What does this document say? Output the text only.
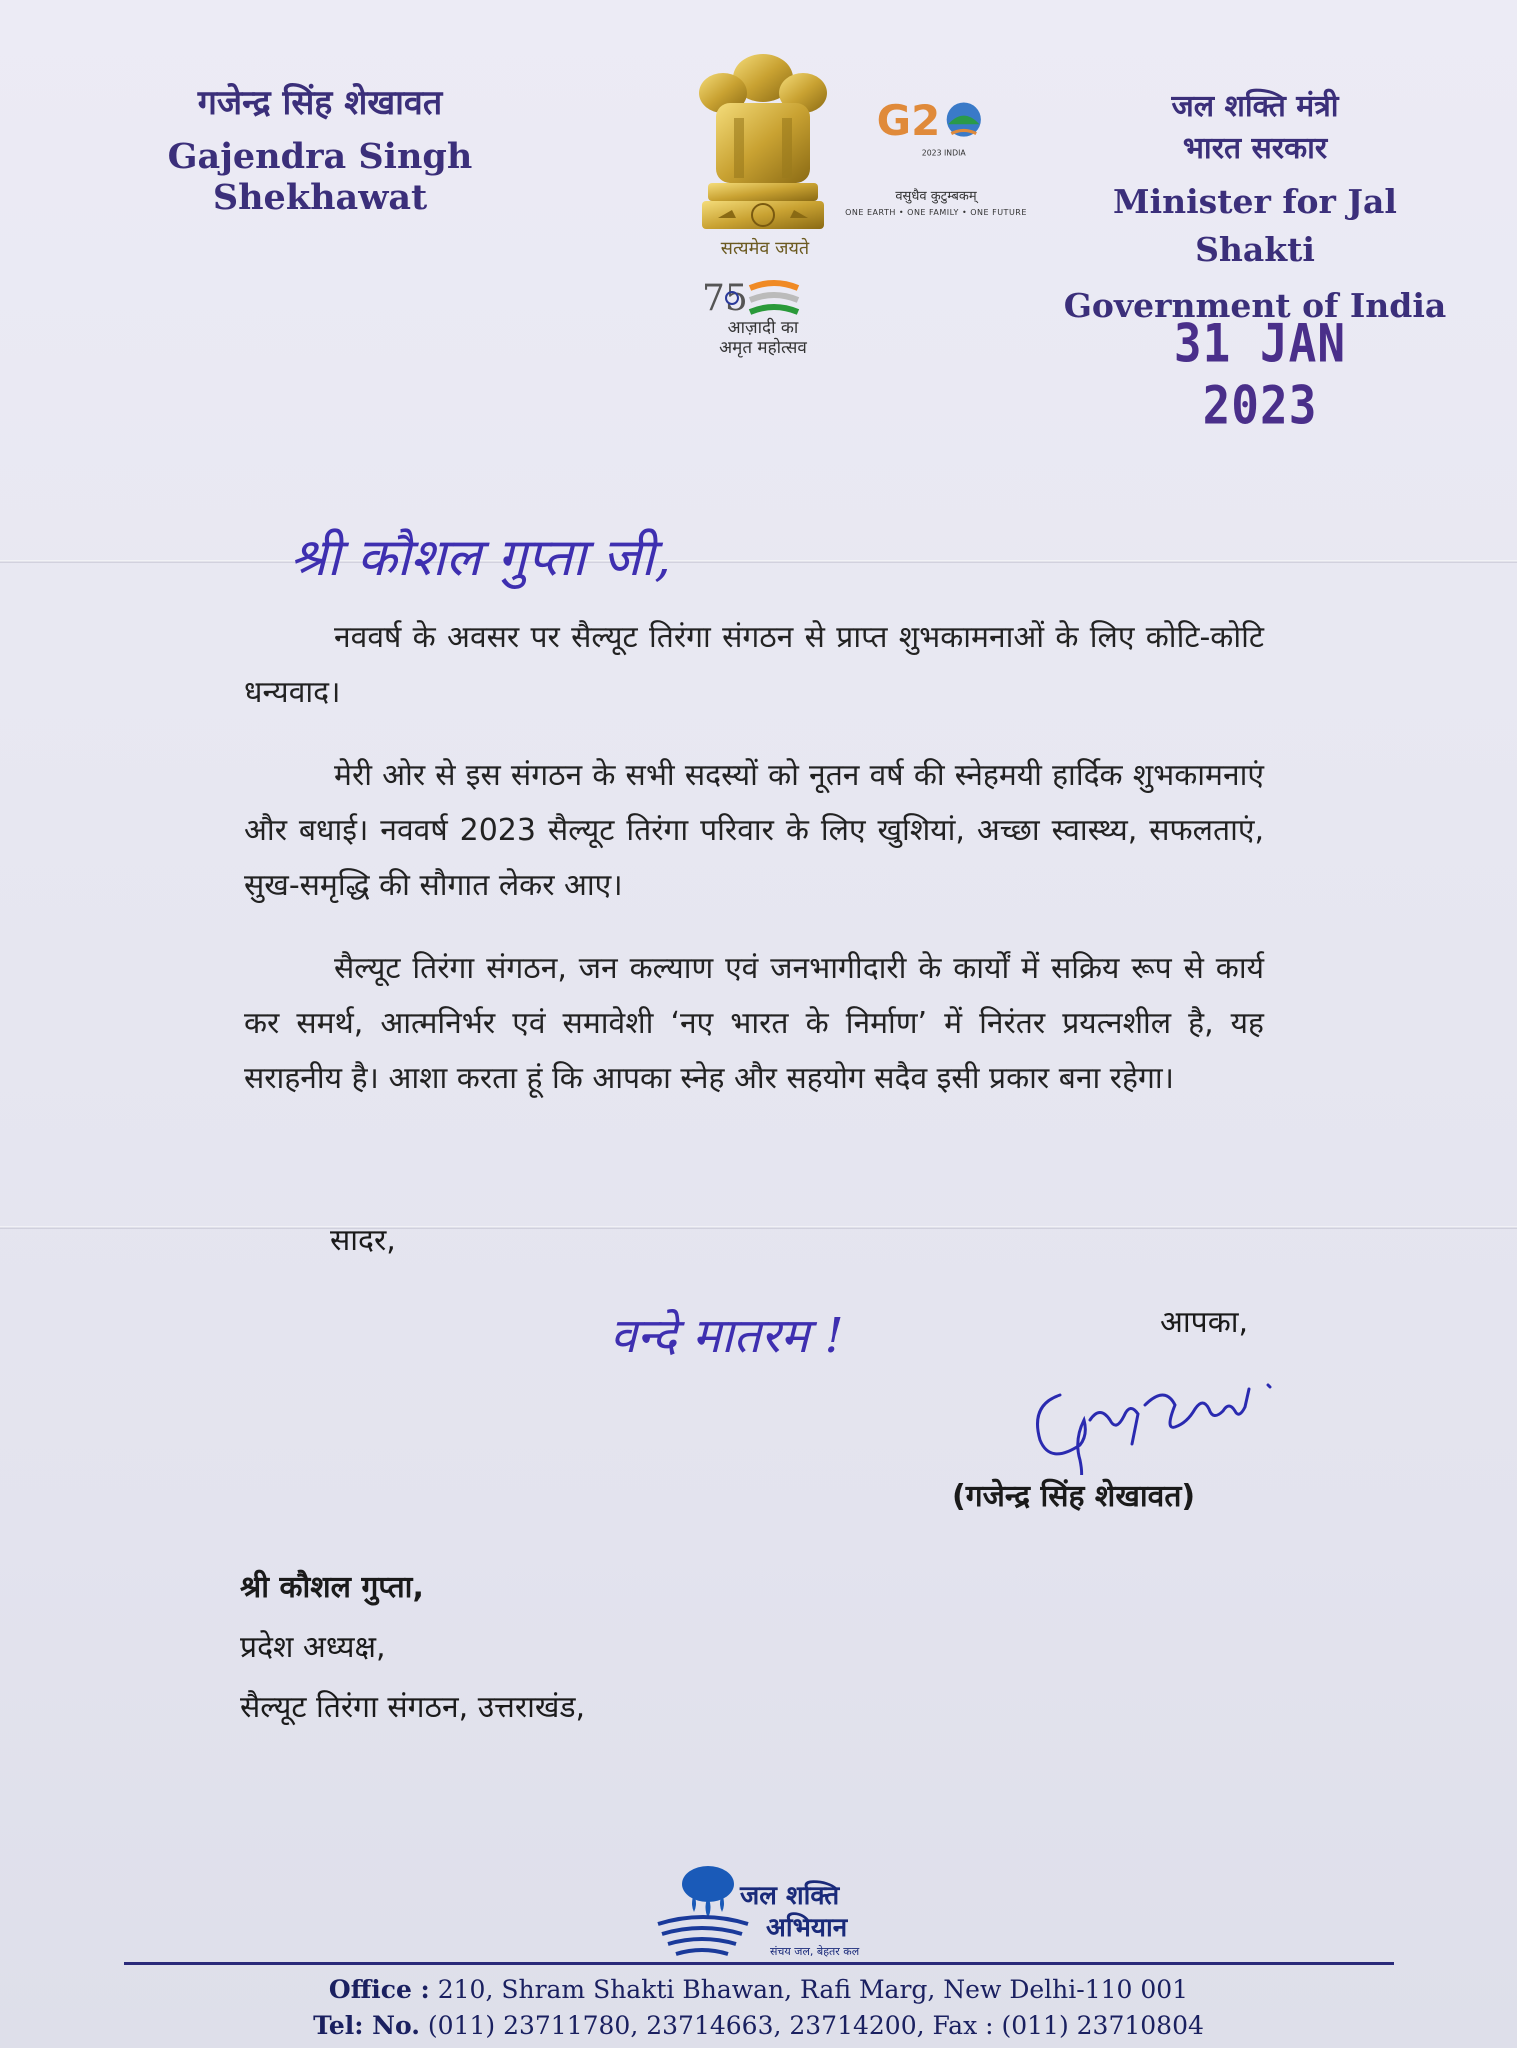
गजेन्द्र सिंह शेखावत
Gajendra Singh Shekhawat
सत्यमेव जयते
75
आज़ादी का
अमृत महोत्सव
G2
2023 INDIA
वसुधैव कुटुम्बकम्
ONE EARTH • ONE FAMILY • ONE FUTURE
जल शक्ति मंत्री
भारत सरकार
Minister for Jal Shakti
Government of India
31 JAN 2023
श्री कौशल गुप्ता जी,

नववर्ष के अवसर पर सैल्यूट तिरंगा संगठन से प्राप्त शुभकामनाओं के लिए कोटि-कोटि धन्यवाद।

मेरी ओर से इस संगठन के सभी सदस्यों को नूतन वर्ष की स्नेहमयी हार्दिक शुभकामनाएं और बधाई। नववर्ष 2023 सैल्यूट तिरंगा परिवार के लिए खुशियां, अच्छा स्वास्थ्य, सफलताएं, सुख-समृद्धि की सौगात लेकर आए।

सैल्यूट तिरंगा संगठन, जन कल्याण एवं जनभागीदारी के कार्यों में सक्रिय रूप से कार्य कर समर्थ, आत्मनिर्भर एवं समावेशी ‘नए भारत के निर्माण’ में निरंतर प्रयत्नशील है, यह सराहनीय है। आशा करता हूं कि आपका स्नेह और सहयोग सदैव इसी प्रकार बना रहेगा।

सादर,
वन्दे मातरम !	आपका,
(गजेन्द्र सिंह शेखावत)
श्री कौशल गुप्ता,
प्रदेश अध्यक्ष,
सैल्यूट तिरंगा संगठन, उत्तराखंड,
जल शक्ति
अभियान
संचय जल, बेहतर कल
Office : 210, Shram Shakti Bhawan, Rafi Marg, New Delhi-110 001
Tel: No. (011) 23711780, 23714663, 23714200, Fax : (011) 23710804
